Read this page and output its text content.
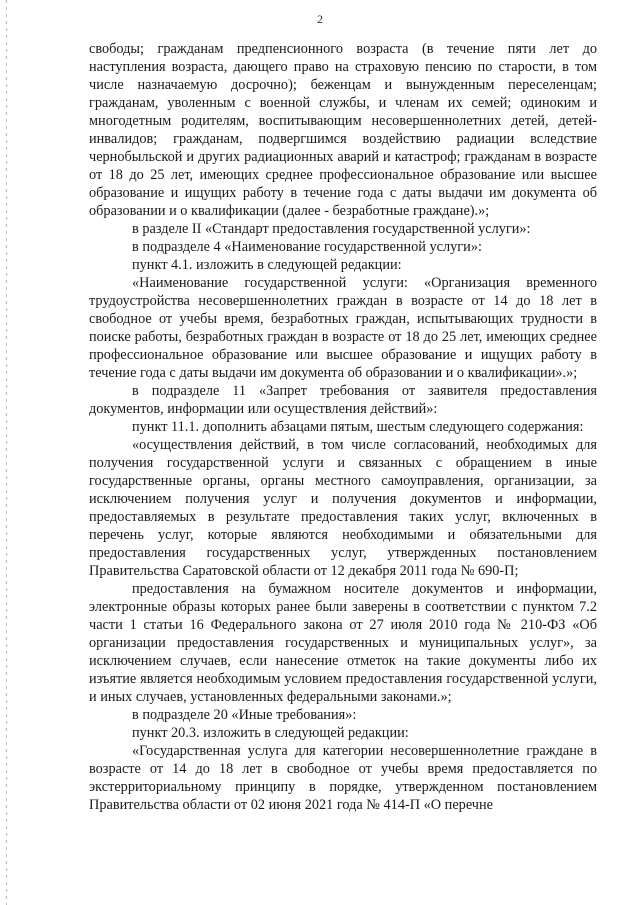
2

свободы; гражданам предпенсионного возраста (в течение пяти лет до наступления возраста, дающего право на страховую пенсию по старости, в том числе назначаемую досрочно); беженцам и вынужденным переселенцам; гражданам, уволенным с военной службы, и членам их семей; одиноким и многодетным родителям, воспитывающим несовершеннолетних детей, детей-инвалидов; гражданам, подвергшимся воздействию радиации вследствие чернобыльской и других радиационных аварий и катастроф; гражданам в возрасте от 18 до 25 лет, имеющих среднее профессиональное образование или высшее образование и ищущих работу в течение года с даты выдачи им документа об образовании и о квалификации (далее - безработные граждане).»;

в разделе II «Стандарт предоставления государственной услуги»:

в подразделе 4 «Наименование государственной услуги»:

пункт 4.1. изложить в следующей редакции:

«Наименование государственной услуги: «Организация временного трудоустройства несовершеннолетних граждан в возрасте от 14 до 18 лет в свободное от учебы время, безработных граждан, испытывающих трудности в поиске работы, безработных граждан в возрасте от 18 до 25 лет, имеющих среднее профессиональное образование или высшее образование и ищущих работу в течение года с даты выдачи им документа об образовании и о квалификации».»;

в подразделе 11 «Запрет требования от заявителя предоставления документов, информации или осуществления действий»:

пункт 11.1. дополнить абзацами пятым, шестым следующего содержания:

«осуществления действий, в том числе согласований, необходимых для получения государственной услуги и связанных с обращением в иные государственные органы, органы местного самоуправления, организации, за исключением получения услуг и получения документов и информации, предоставляемых в результате предоставления таких услуг, включенных в перечень услуг, которые являются необходимыми и обязательными для предоставления государственных услуг, утвержденных постановлением Правительства Саратовской области от 12 декабря 2011 года № 690-П;

предоставления на бумажном носителе документов и информации, электронные образы которых ранее были заверены в соответствии с пунктом 7.2 части 1 статьи 16 Федерального закона от 27 июля 2010 года № 210-ФЗ «Об организации предоставления государственных и муниципальных услуг», за исключением случаев, если нанесение отметок на такие документы либо их изъятие является необходимым условием предоставления государственной услуги, и иных случаев, установленных федеральными законами.»;

в подразделе 20 «Иные требования»:

пункт 20.3. изложить в следующей редакции:

«Государственная услуга для категории несовершеннолетние граждане в возрасте от 14 до 18 лет в свободное от учебы время предоставляется по экстерриториальному принципу в порядке, утвержденном постановлением Правительства области от 02 июня 2021 года № 414-П «О перечне
